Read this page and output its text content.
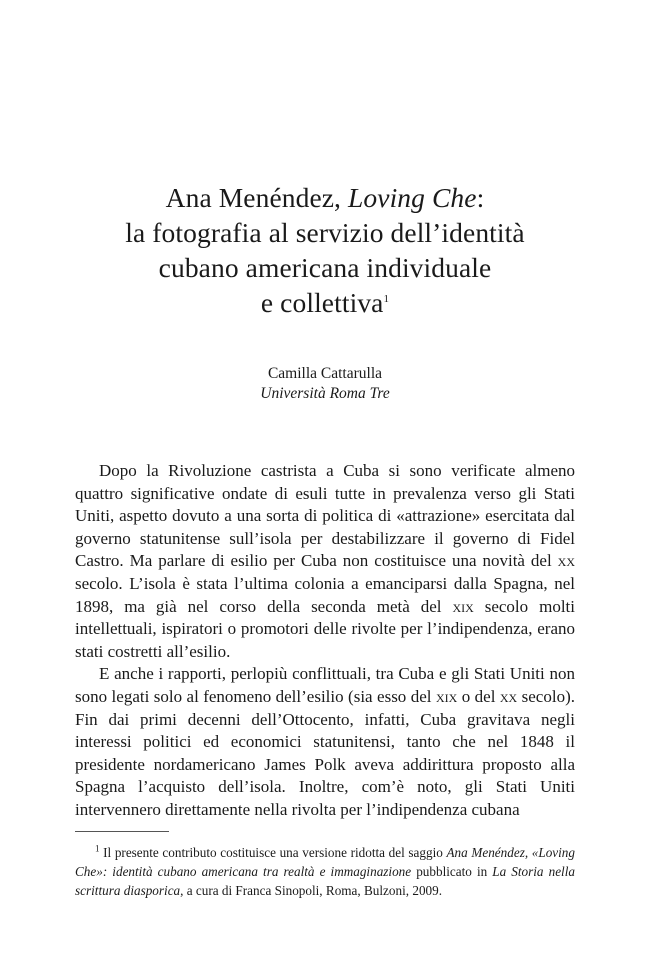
Ana Menéndez, Loving Che:
la fotografia al servizio dell’identità
cubano americana individuale
e collettiva$^1$
Camilla Cattarulla
Università Roma Tre

Dopo la Rivoluzione castrista a Cuba si sono verificate almeno quattro significative ondate di esuli tutte in prevalenza verso gli Stati Uniti, aspetto dovuto a una sorta di politica di «attrazione» esercitata dal governo statunitense sull’isola per destabilizzare il governo di Fidel Castro. Ma parlare di esilio per Cuba non costituisce una novità del xx secolo. L’isola è stata l’ultima colonia a emanciparsi dalla Spagna, nel 1898, ma già nel corso della seconda metà del xix secolo molti intellettuali, ispiratori o promotori delle rivolte per l’indipendenza, erano stati costretti all’esilio.

E anche i rapporti, perlopiù conflittuali, tra Cuba e gli Stati Uniti non sono legati solo al fenomeno dell’esilio (sia esso del xix o del xx secolo). Fin dai primi decenni dell’Ottocento, infatti, Cuba gravitava negli interessi politici ed economici statunitensi, tanto che nel 1848 il presidente nordamericano James Polk aveva addirittura proposto alla Spagna l’acquisto dell’isola. Inoltre, com’è noto, gli Stati Uniti intervennero direttamente nella rivolta per l’indipendenza cubana

$^1$ Il presente contributo costituisce una versione ridotta del saggio Ana Menéndez, «Loving Che»: identità cubano americana tra realtà e immaginazione pubblicato in La Storia nella scrittura diasporica, a cura di Franca Sinopoli, Roma, Bulzoni, 2009.
